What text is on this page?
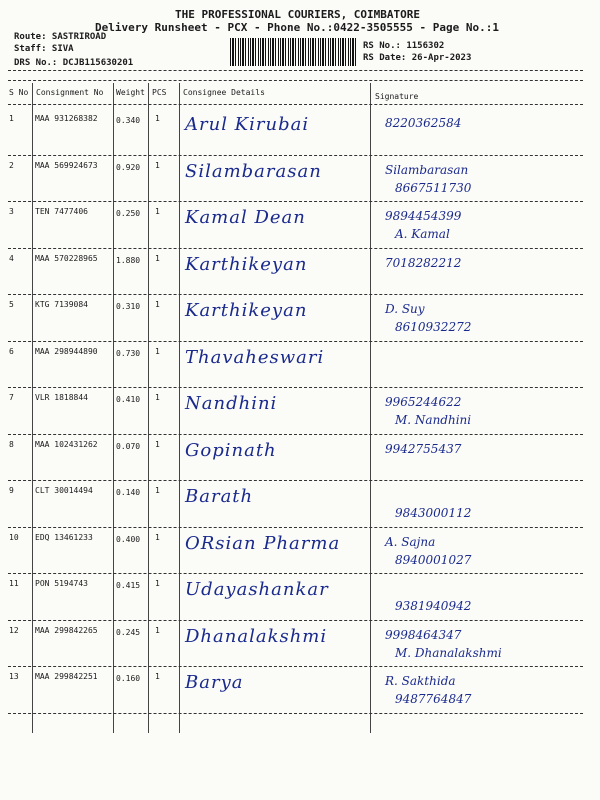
THE PROFESSIONAL COURIERS, COIMBATORE
Delivery Runsheet - PCX - Phone No.:0422-3505555 - Page No.:1
Route: SASTRIROAD
Staff: SIVA
DRS No.: DCJB115630201
RS No.: 1156302
RS Date: 26-Apr-2023
S No Consignment No Weight PCS Consignee Details	Signature
1	MAA 931268382 0.340 1 Arul Kirubai	8220362584
2	MAA 569924673 0.920 1 Silambarasan	Silambarasan
8667511730
3	TEN 7477406	0.250 1 Kamal Dean	9894454399
A. Kamal
4	MAA 570228965 1.880 1 Karthikeyan	7018282212
5	KTG 7139084	0.310 1 Karthikeyan	D. Suy
8610932272
6	MAA 298944890 0.730 1 Thavaheswari
7	VLR 1818844	0.410 1 Nandhini	9965244622
M. Nandhini
8	MAA 102431262 0.070 1 Gopinath	9942755437
9	CLT 30014494	0.140 1 Barath
9843000112
10 EDQ 13461233	0.400 1 ORsian Pharma	A. Sajna
8940001027
11 PON 5194743	0.415 1 Udayashankar
9381940942
12 MAA 299842265 0.245 1 Dhanalakshmi	9998464347
M. Dhanalakshmi
13 MAA 299842251 0.160 1 Barya	R. Sakthida
9487764847
